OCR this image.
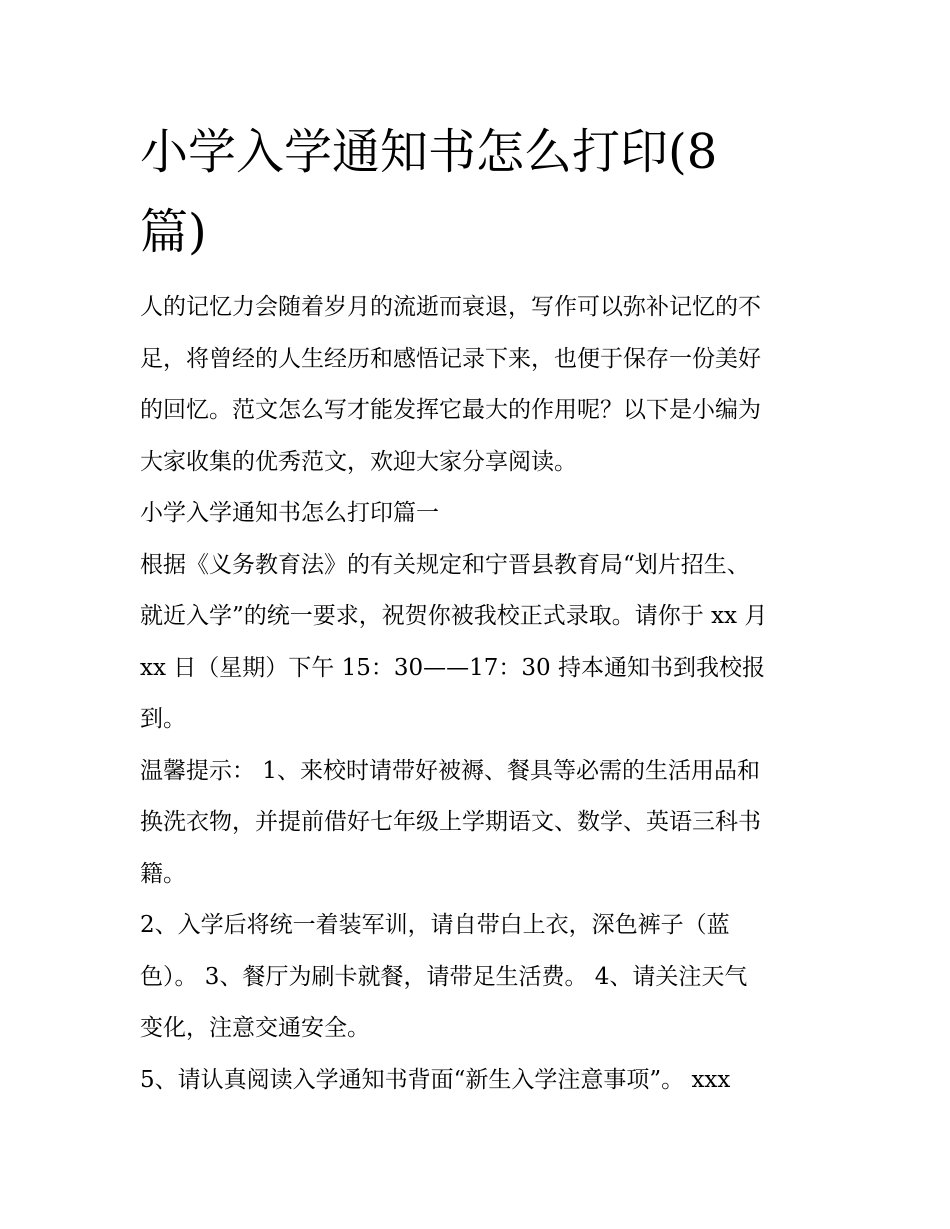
小学入学通知书怎么打印(8
篇)
人的记忆力会随着岁月的流逝而衰退，写作可以弥补记忆的不
足，将曾经的人生经历和感悟记录下来，也便于保存一份美好
的回忆。范文怎么写才能发挥它最大的作用呢？以下是小编为
大家收集的优秀范文，欢迎大家分享阅读。
小学入学通知书怎么打印篇一
根据《义务教育法》的有关规定和宁晋县教育局“划片招生、
就近入学”的统一要求，祝贺你被我校正式录取。请你于 xx 月
xx 日（星期）下午 15：30——17：30 持本通知书到我校报
到。
温馨提示： 1、来校时请带好被褥、餐具等必需的生活用品和
换洗衣物，并提前借好七年级上学期语文、数学、英语三科书
籍。
2、入学后将统一着装军训，请自带白上衣，深色裤子（蓝
色）。 3、餐厅为刷卡就餐，请带足生活费。 4、请关注天气
变化，注意交通安全。
5、请认真阅读入学通知书背面“新生入学注意事项”。 xxx
